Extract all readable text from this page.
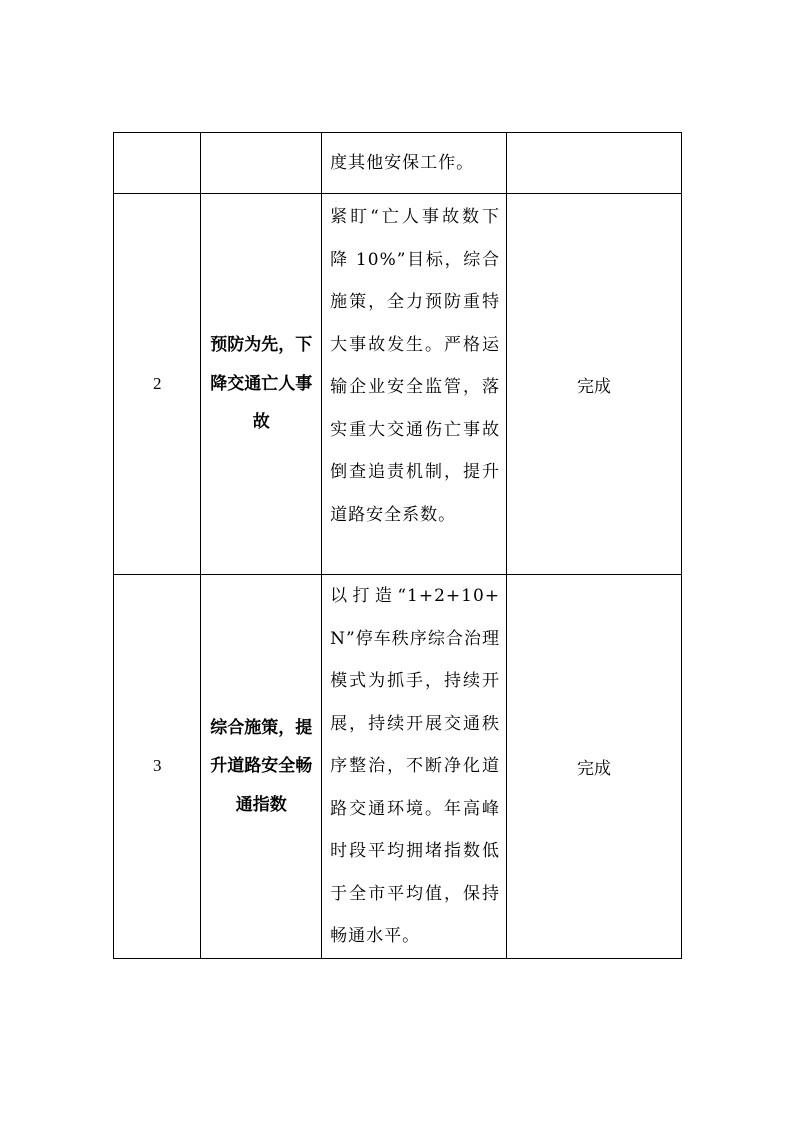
		度其他安保工作。	

2	预防为先，下降交通亡人事故	紧盯“亡人事故数下降 10%”目标，综合施策，全力预防重特大事故发生。严格运输企业安全监管，落实重大交通伤亡事故倒查追责机制，提升道路安全系数。	完成
3	综合施策，提升道路安全畅通指数	以打造“1+2+10+N”停车秩序综合治理模式为抓手，持续开展，持续开展交通秩序整治，不断净化道路交通环境。年高峰时段平均拥堵指数低于全市平均值，保持畅通水平。	完成
